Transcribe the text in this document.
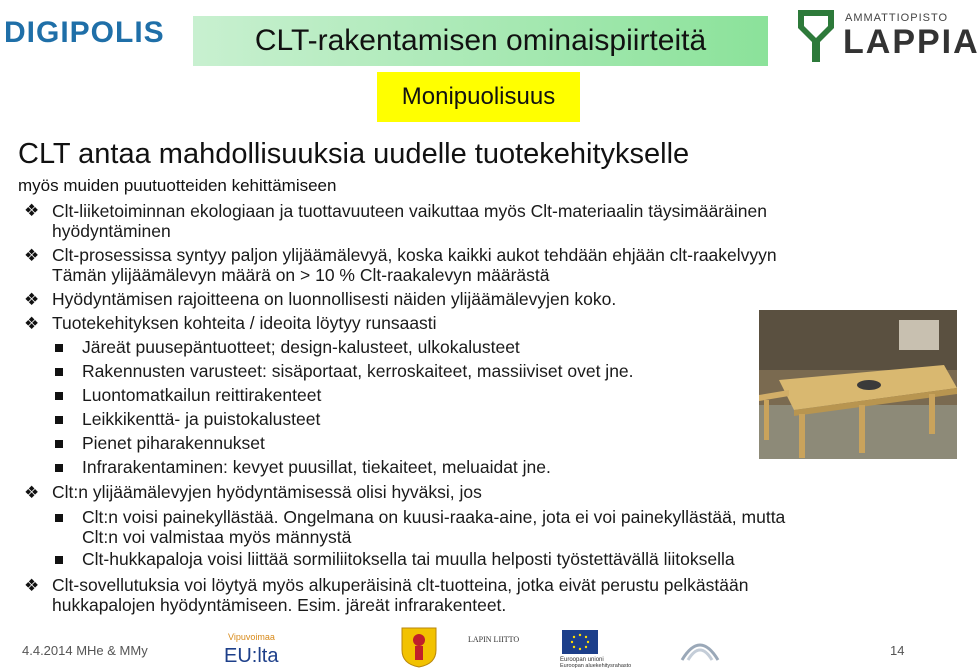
DIGIPOLIS	CLT-rakentamisen ominaispiirteitä
Monipuolisuus
AMMATTIOPISTO
LAPPIA
CLT antaa mahdollisuuksia uudelle tuotekehitykselle
myös muiden puutuotteiden kehittämiseen
❖ Clt-liiketoiminnan ekologiaan ja tuottavuuteen vaikuttaa myös Clt-materiaalin täysimääräinen
hyödyntäminen
❖ Clt-prosessissa syntyy paljon ylijäämälevyä, koska kaikki aukot tehdään ehjään clt-raakelvyyn
Tämän ylijäämälevyn määrä on > 10 % Clt-raakalevyn määrästä
❖ Hyödyntämisen rajoitteena on luonnollisesti näiden ylijäämälevyjen koko.
❖ Tuotekehityksen kohteita / ideoita löytyy runsaasti
Järeät puusepäntuotteet; design-kalusteet, ulkokalusteet
Rakennusten varusteet: sisäportaat, kerroskaiteet, massiiviset ovet jne.
Luontomatkailun reittirakenteet
Leikkikenttä- ja puistokalusteet
Pienet piharakennukset
Infrarakentaminen: kevyet puusillat, tiekaiteet, meluaidat jne.
❖ Clt:n ylijäämälevyjen hyödyntämisessä olisi hyväksi, jos
Clt:n voisi painekyllästää. Ongelmana on kuusi-raaka-aine, jota ei voi painekyllästää, mutta
Clt:n voi valmistaa myös männystä
Clt-hukkapaloja voisi liittää sormiliitoksella tai muulla helposti työstettävällä liitoksella
❖ Clt-sovellutuksia voi löytyä myös alkuperäisinä clt-tuotteina, jotka eivät perustu pelkästään
hukkapalojen hyödyntämiseen. Esim. järeät infrarakenteet.
4.4.2014 MHe & MMy
Vipuvoimaa
EU:lta
LAPIN LIITTO
Euroopan unioni
Euroopan aluekehitysrahasto
14
